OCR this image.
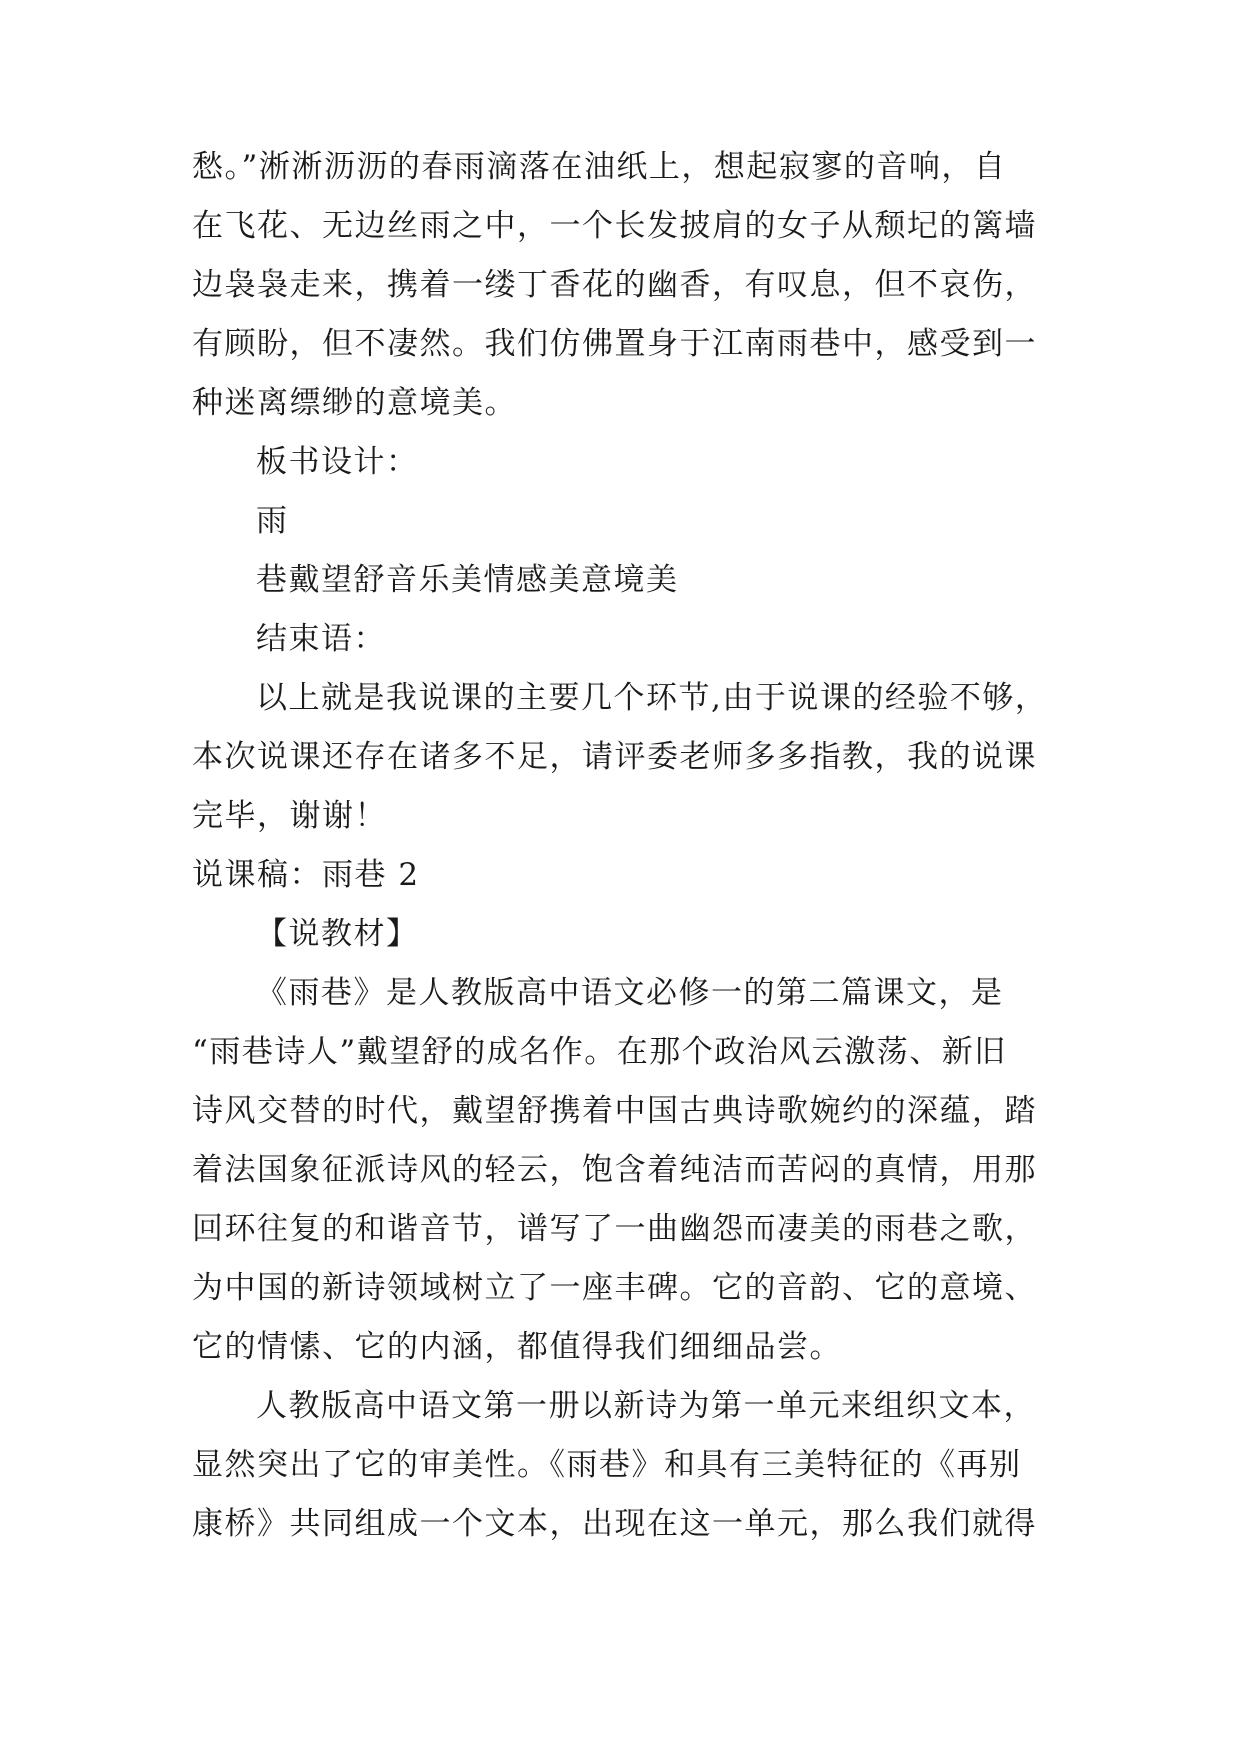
愁。”淅淅沥沥的春雨滴落在油纸上，想起寂寥的音响，自
在飞花、无边丝雨之中，一个长发披肩的女子从颓圮的篱墙
边袅袅走来，携着一缕丁香花的幽香，有叹息，但不哀伤，
有顾盼，但不凄然。我们仿佛置身于江南雨巷中，感受到一
种迷离缥缈的意境美。
板书设计：
雨
巷戴望舒音乐美情感美意境美
结束语：
以上就是我说课的主要几个环节,由于说课的经验不够，
本次说课还存在诸多不足，请评委老师多多指教，我的说课
完毕，谢谢！
说课稿：雨巷 2
【说教材】
《雨巷》是人教版高中语文必修一的第二篇课文，是
“雨巷诗人”戴望舒的成名作。在那个政治风云激荡、新旧
诗风交替的时代，戴望舒携着中国古典诗歌婉约的深蕴，踏
着法国象征派诗风的轻云，饱含着纯洁而苦闷的真情，用那
回环往复的和谐音节，谱写了一曲幽怨而凄美的雨巷之歌，
为中国的新诗领域树立了一座丰碑。它的音韵、它的意境、
它的情愫、它的内涵，都值得我们细细品尝。
人教版高中语文第一册以新诗为第一单元来组织文本，
显然突出了它的审美性。《雨巷》和具有三美特征的《再别
康桥》共同组成一个文本，出现在这一单元，那么我们就得
